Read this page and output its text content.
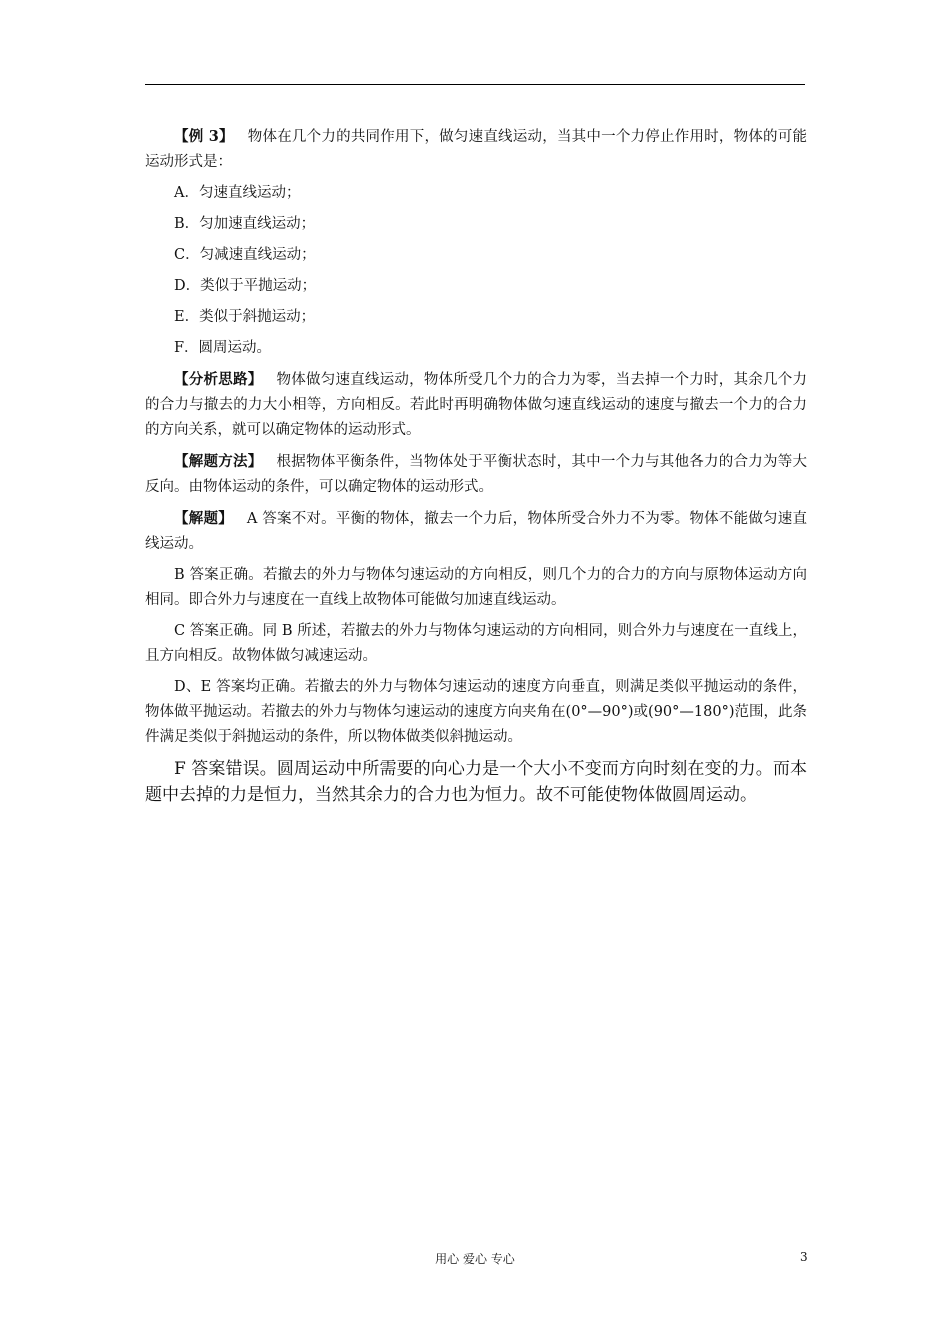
【例 3】 物体在几个力的共同作用下，做匀速直线运动，当其中一个力停止作用时，物体的可能运动形式是：

A．匀速直线运动；

B．匀加速直线运动；

C．匀减速直线运动；

D．类似于平抛运动；

E．类似于斜抛运动；

F．圆周运动。

【分析思路】 物体做匀速直线运动，物体所受几个力的合力为零，当去掉一个力时，其余几个力的合力与撤去的力大小相等，方向相反。若此时再明确物体做匀速直线运动的速度与撤去一个力的合力的方向关系，就可以确定物体的运动形式。

【解题方法】 根据物体平衡条件，当物体处于平衡状态时，其中一个力与其他各力的合力为等大反向。由物体运动的条件，可以确定物体的运动形式。

【解题】 A 答案不对。平衡的物体，撤去一个力后，物体所受合外力不为零。物体不能做匀速直线运动。

B 答案正确。若撤去的外力与物体匀速运动的方向相反，则几个力的合力的方向与原物体运动方向相同。即合外力与速度在一直线上故物体可能做匀加速直线运动。

C 答案正确。同 B 所述，若撤去的外力与物体匀速运动的方向相同，则合外力与速度在一直线上，且方向相反。故物体做匀减速运动。

D、E 答案均正确。若撤去的外力与物体匀速运动的速度方向垂直，则满足类似平抛运动的条件，物体做平抛运动。若撤去的外力与物体匀速运动的速度方向夹角在(0°—90°)或(90°—180°)范围，此条件满足类似于斜抛运动的条件，所以物体做类似斜抛运动。

F 答案错误。圆周运动中所需要的向心力是一个大小不变而方向时刻在变的力。而本题中去掉的力是恒力，当然其余力的合力也为恒力。故不可能使物体做圆周运动。

用心 爱心 专心	3
